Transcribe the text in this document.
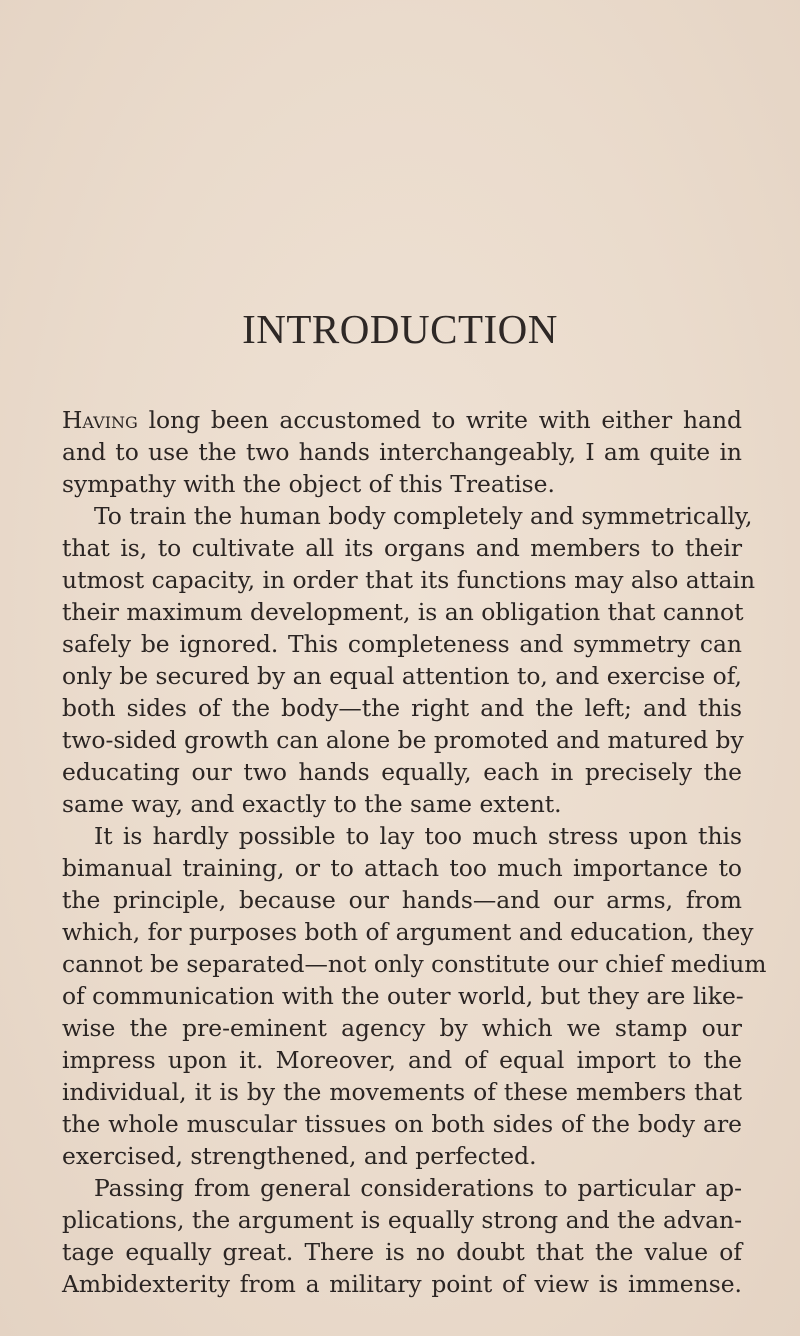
INTRODUCTION
Having long been accustomed to write with either hand
and to use the two hands interchangeably, I am quite in
sympathy with the object of this Treatise.
To train the human body completely and symmetrically,
that is, to cultivate all its organs and members to their
utmost capacity, in order that its functions may also attain
their maximum development, is an obligation that cannot
safely be ignored. This completeness and symmetry can
only be secured by an equal attention to, and exercise of,
both sides of the body—the right and the left; and this
two-sided growth can alone be promoted and matured by
educating our two hands equally, each in precisely the
same way, and exactly to the same extent.
It is hardly possible to lay too much stress upon this
bimanual training, or to attach too much importance to
the principle, because our hands—and our arms, from
which, for purposes both of argument and education, they
cannot be separated—not only constitute our chief medium
of communication with the outer world, but they are like-
wise the pre-eminent agency by which we stamp our
impress upon it. Moreover, and of equal import to the
individual, it is by the movements of these members that
the whole muscular tissues on both sides of the body are
exercised, strengthened, and perfected.
Passing from general considerations to particular ap-
plications, the argument is equally strong and the advan-
tage equally great. There is no doubt that the value of
Ambidexterity from a military point of view is immense.
